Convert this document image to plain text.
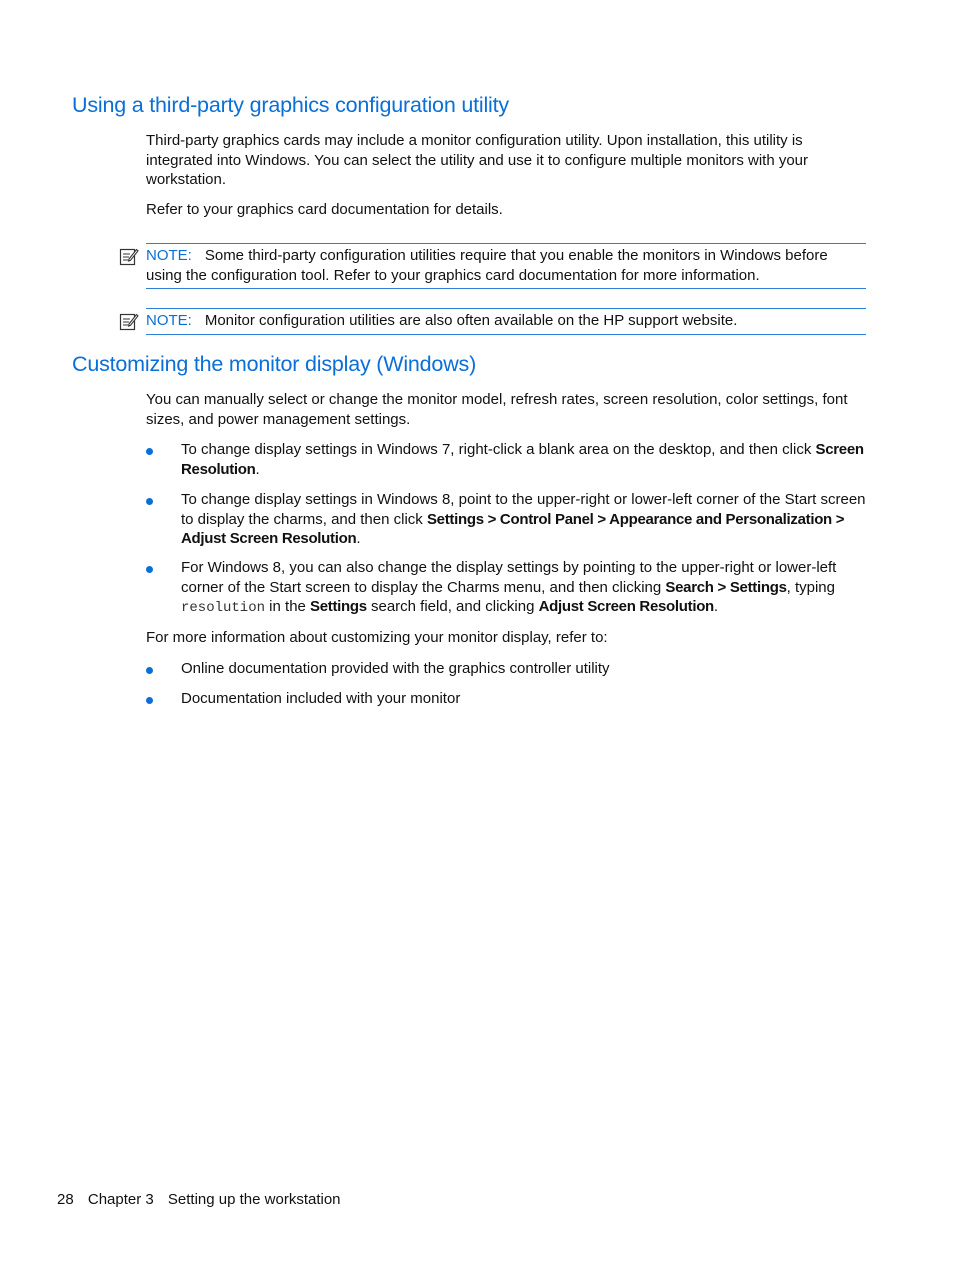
Using a third-party graphics configuration utility

Third-party graphics cards may include a monitor configuration utility. Upon installation, this utility is integrated into Windows. You can select the utility and use it to configure multiple monitors with your workstation.

Refer to your graphics card documentation for details.

NOTE: Some third-party configuration utilities require that you enable the monitors in Windows before using the configuration tool. Refer to your graphics card documentation for more information.
NOTE: Monitor configuration utilities are also often available on the HP support website.
Customizing the monitor display (Windows)

You can manually select or change the monitor model, refresh rates, screen resolution, color settings, font sizes, and power management settings.

To change display settings in Windows 7, right-click a blank area on the desktop, and then click Screen Resolution.
To change display settings in Windows 8, point to the upper-right or lower-left corner of the Start screen to display the charms, and then click Settings > Control Panel > Appearance and Personalization > Adjust Screen Resolution.
For Windows 8, you can also change the display settings by pointing to the upper-right or lower-left corner of the Start screen to display the Charms menu, and then clicking Search > Settings, typing resolution in the Settings search field, and clicking Adjust Screen Resolution.

For more information about customizing your monitor display, refer to:

Online documentation provided with the graphics controller utility
Documentation included with your monitor
28 Chapter 3 Setting up the workstation
